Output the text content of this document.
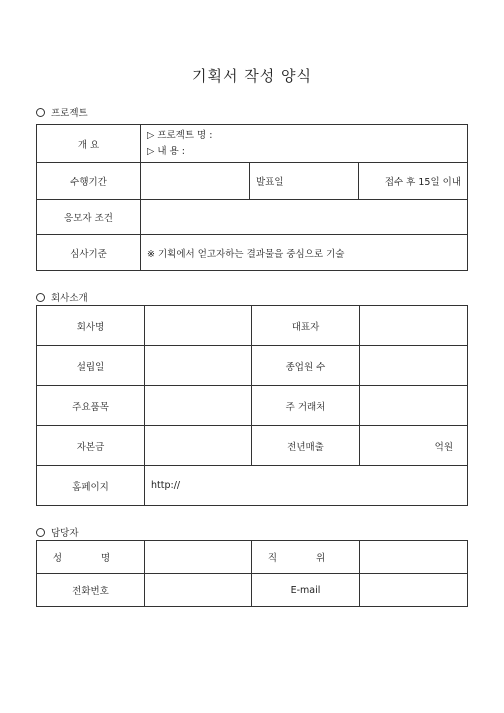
기획서 작성 양식
프로젝트
개 요	▷ 프로젝트 명 :
▷ 내 용 :		

수행기간		발표일	접수 후 15일 이내
응모자 조건			
심사기준	※ 기획에서 얻고자하는 결과물을 중심으로 기술		
회사소개
회사명		대표자	
설립일		종업원 수	
주요품목		주 거래처	
자본금		전년매출	억원
홈페이지	http://		
담당자
성 명		직 위	
전화번호		E-mail	
